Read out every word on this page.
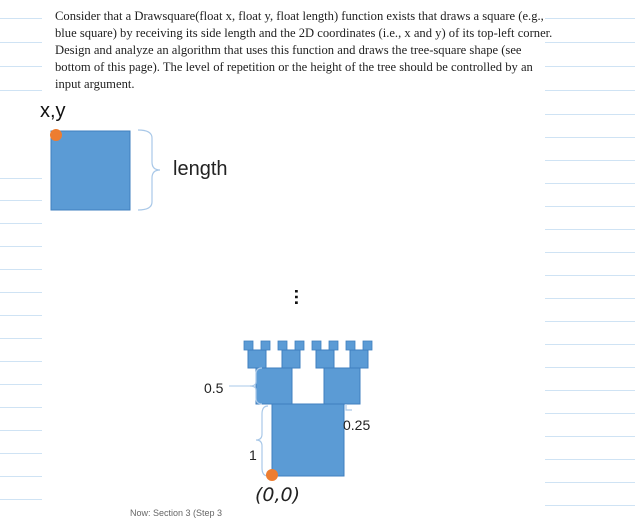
Consider that a Drawsquare(float x, float y, float length) function exists that draws a square (e.g., blue square) by receiving its side length and the 2D coordinates (i.e., x and y) of its top-left corner. Design and analyze an algorithm that uses this function and draws the tree-square shape (see bottom of this page). The level of repetition or the height of the tree should be controlled by an input argument.
x,y
length
0.5
0.25
1
(0,0)
…
Now: Section 3 (Step 3
